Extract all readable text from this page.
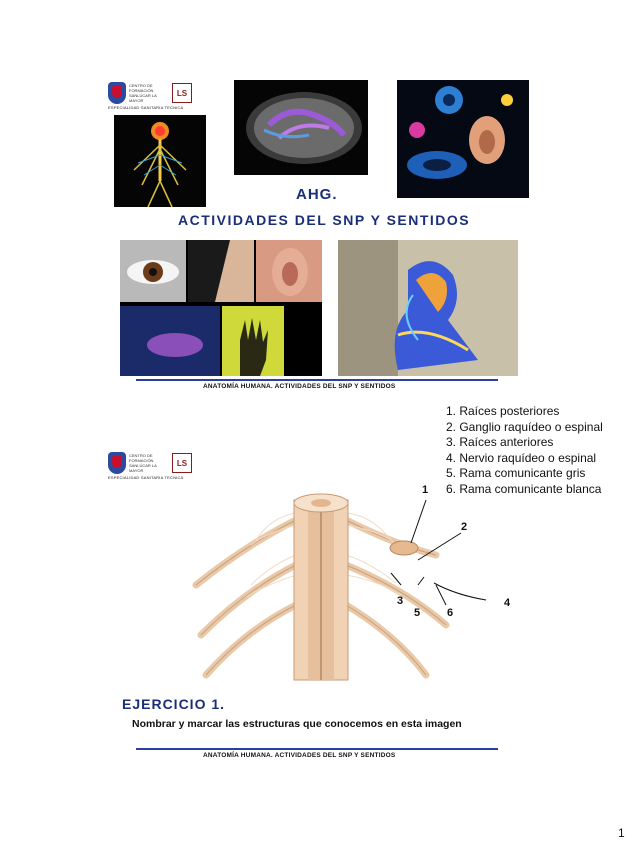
CENTRO DE FORMACIÓN SANLÚCAR LA MAYOR
LS
ESPECIALIDAD SANITARIA TECNICA
AHG.
ACTIVIDADES DEL SNP Y SENTIDOS
ANATOMÍA HUMANA. ACTIVIDADES DEL SNP Y SENTIDOS
1. Raíces posteriores
2. Ganglio raquídeo o espinal
3. Raíces anteriores
4. Nervio raquídeo o espinal
5. Rama comunicante gris
6. Rama comunicante blanca
CENTRO DE FORMACIÓN SANLÚCAR LA MAYOR
LS
ESPECIALIDAD SANITARIA TECNICA
1
2
3	4
5 6
EJERCICIO 1.
Nombrar y marcar las estructuras que conocemos en esta imagen
ANATOMÍA HUMANA. ACTIVIDADES DEL SNP Y SENTIDOS
1
